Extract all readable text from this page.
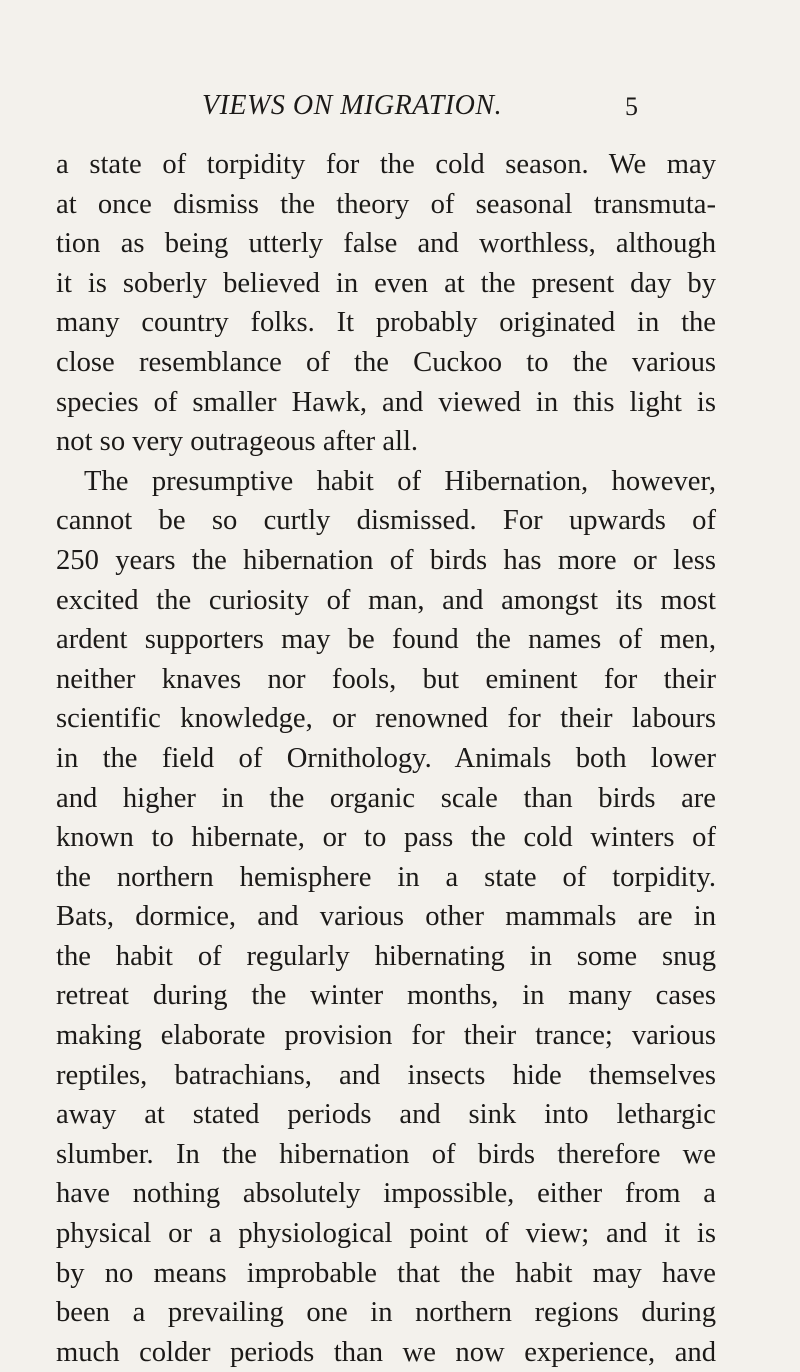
VIEWS ON MIGRATION.	5
a state of torpidity for the cold season. We may
at once dismiss the theory of seasonal transmuta-
tion as being utterly false and worthless, although
it is soberly believed in even at the present day by
many country folks. It probably originated in the
close resemblance of the Cuckoo to the various
species of smaller Hawk, and viewed in this light is
not so very outrageous after all.
The presumptive habit of Hibernation, however,
cannot be so curtly dismissed. For upwards of
250 years the hibernation of birds has more or less
excited the curiosity of man, and amongst its most
ardent supporters may be found the names of men,
neither knaves nor fools, but eminent for their
scientific knowledge, or renowned for their labours
in the field of Ornithology. Animals both lower
and higher in the organic scale than birds are
known to hibernate, or to pass the cold winters of
the northern hemisphere in a state of torpidity.
Bats, dormice, and various other mammals are in
the habit of regularly hibernating in some snug
retreat during the winter months, in many cases
making elaborate provision for their trance; various
reptiles, batrachians, and insects hide themselves
away at stated periods and sink into lethargic
slumber. In the hibernation of birds therefore we
have nothing absolutely impossible, either from a
physical or a physiological point of view; and it is
by no means improbable that the habit may have
been a prevailing one in northern regions during
much colder periods than we now experience, and
